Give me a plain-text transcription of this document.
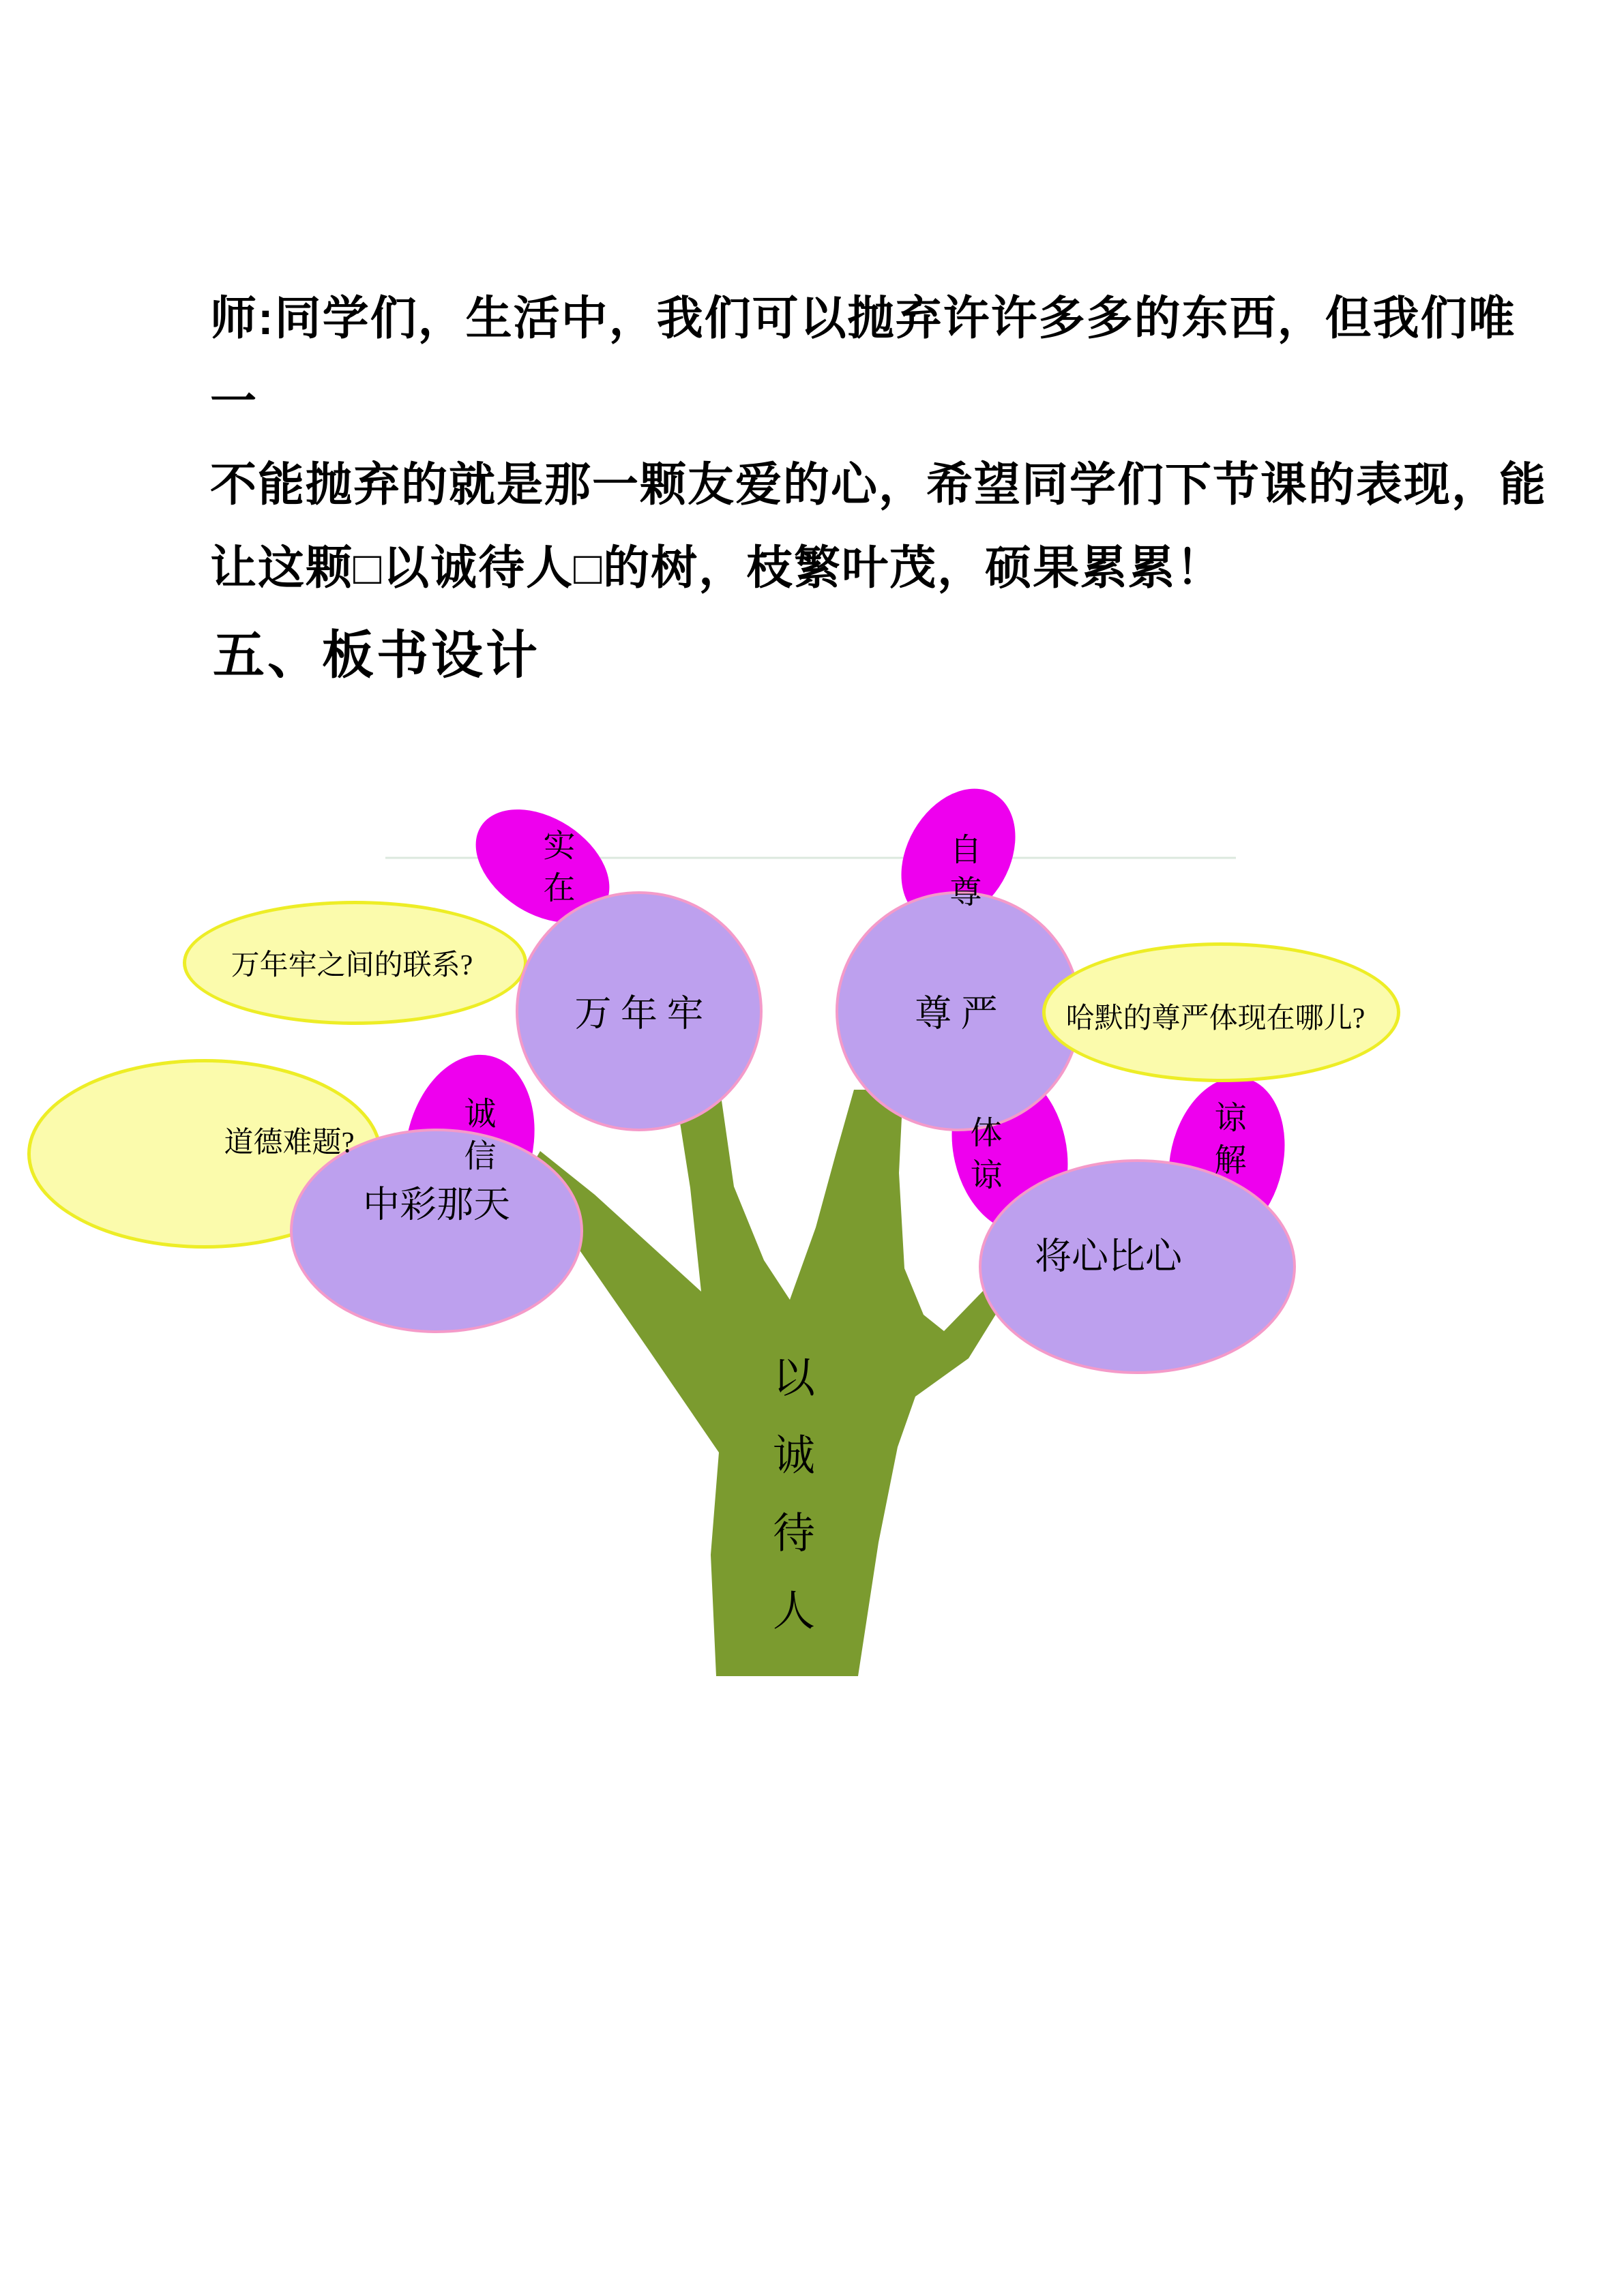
师:同学们，生活中，我们可以抛弃许许多多的东西，但我们唯一
不能抛弃的就是那一颗友爱的心，希望同学们下节课的表现，能
让这颗□以诚待人□的树，枝繁叶茂，硕果累累！
五、板书设计
万年牢之间的联系?
哈默的尊严体现在哪儿?
道德难题?
实在	自尊
诚信	体谅	谅解
万 年 牢	尊 严
中彩那天
将心比心
以诚待人
